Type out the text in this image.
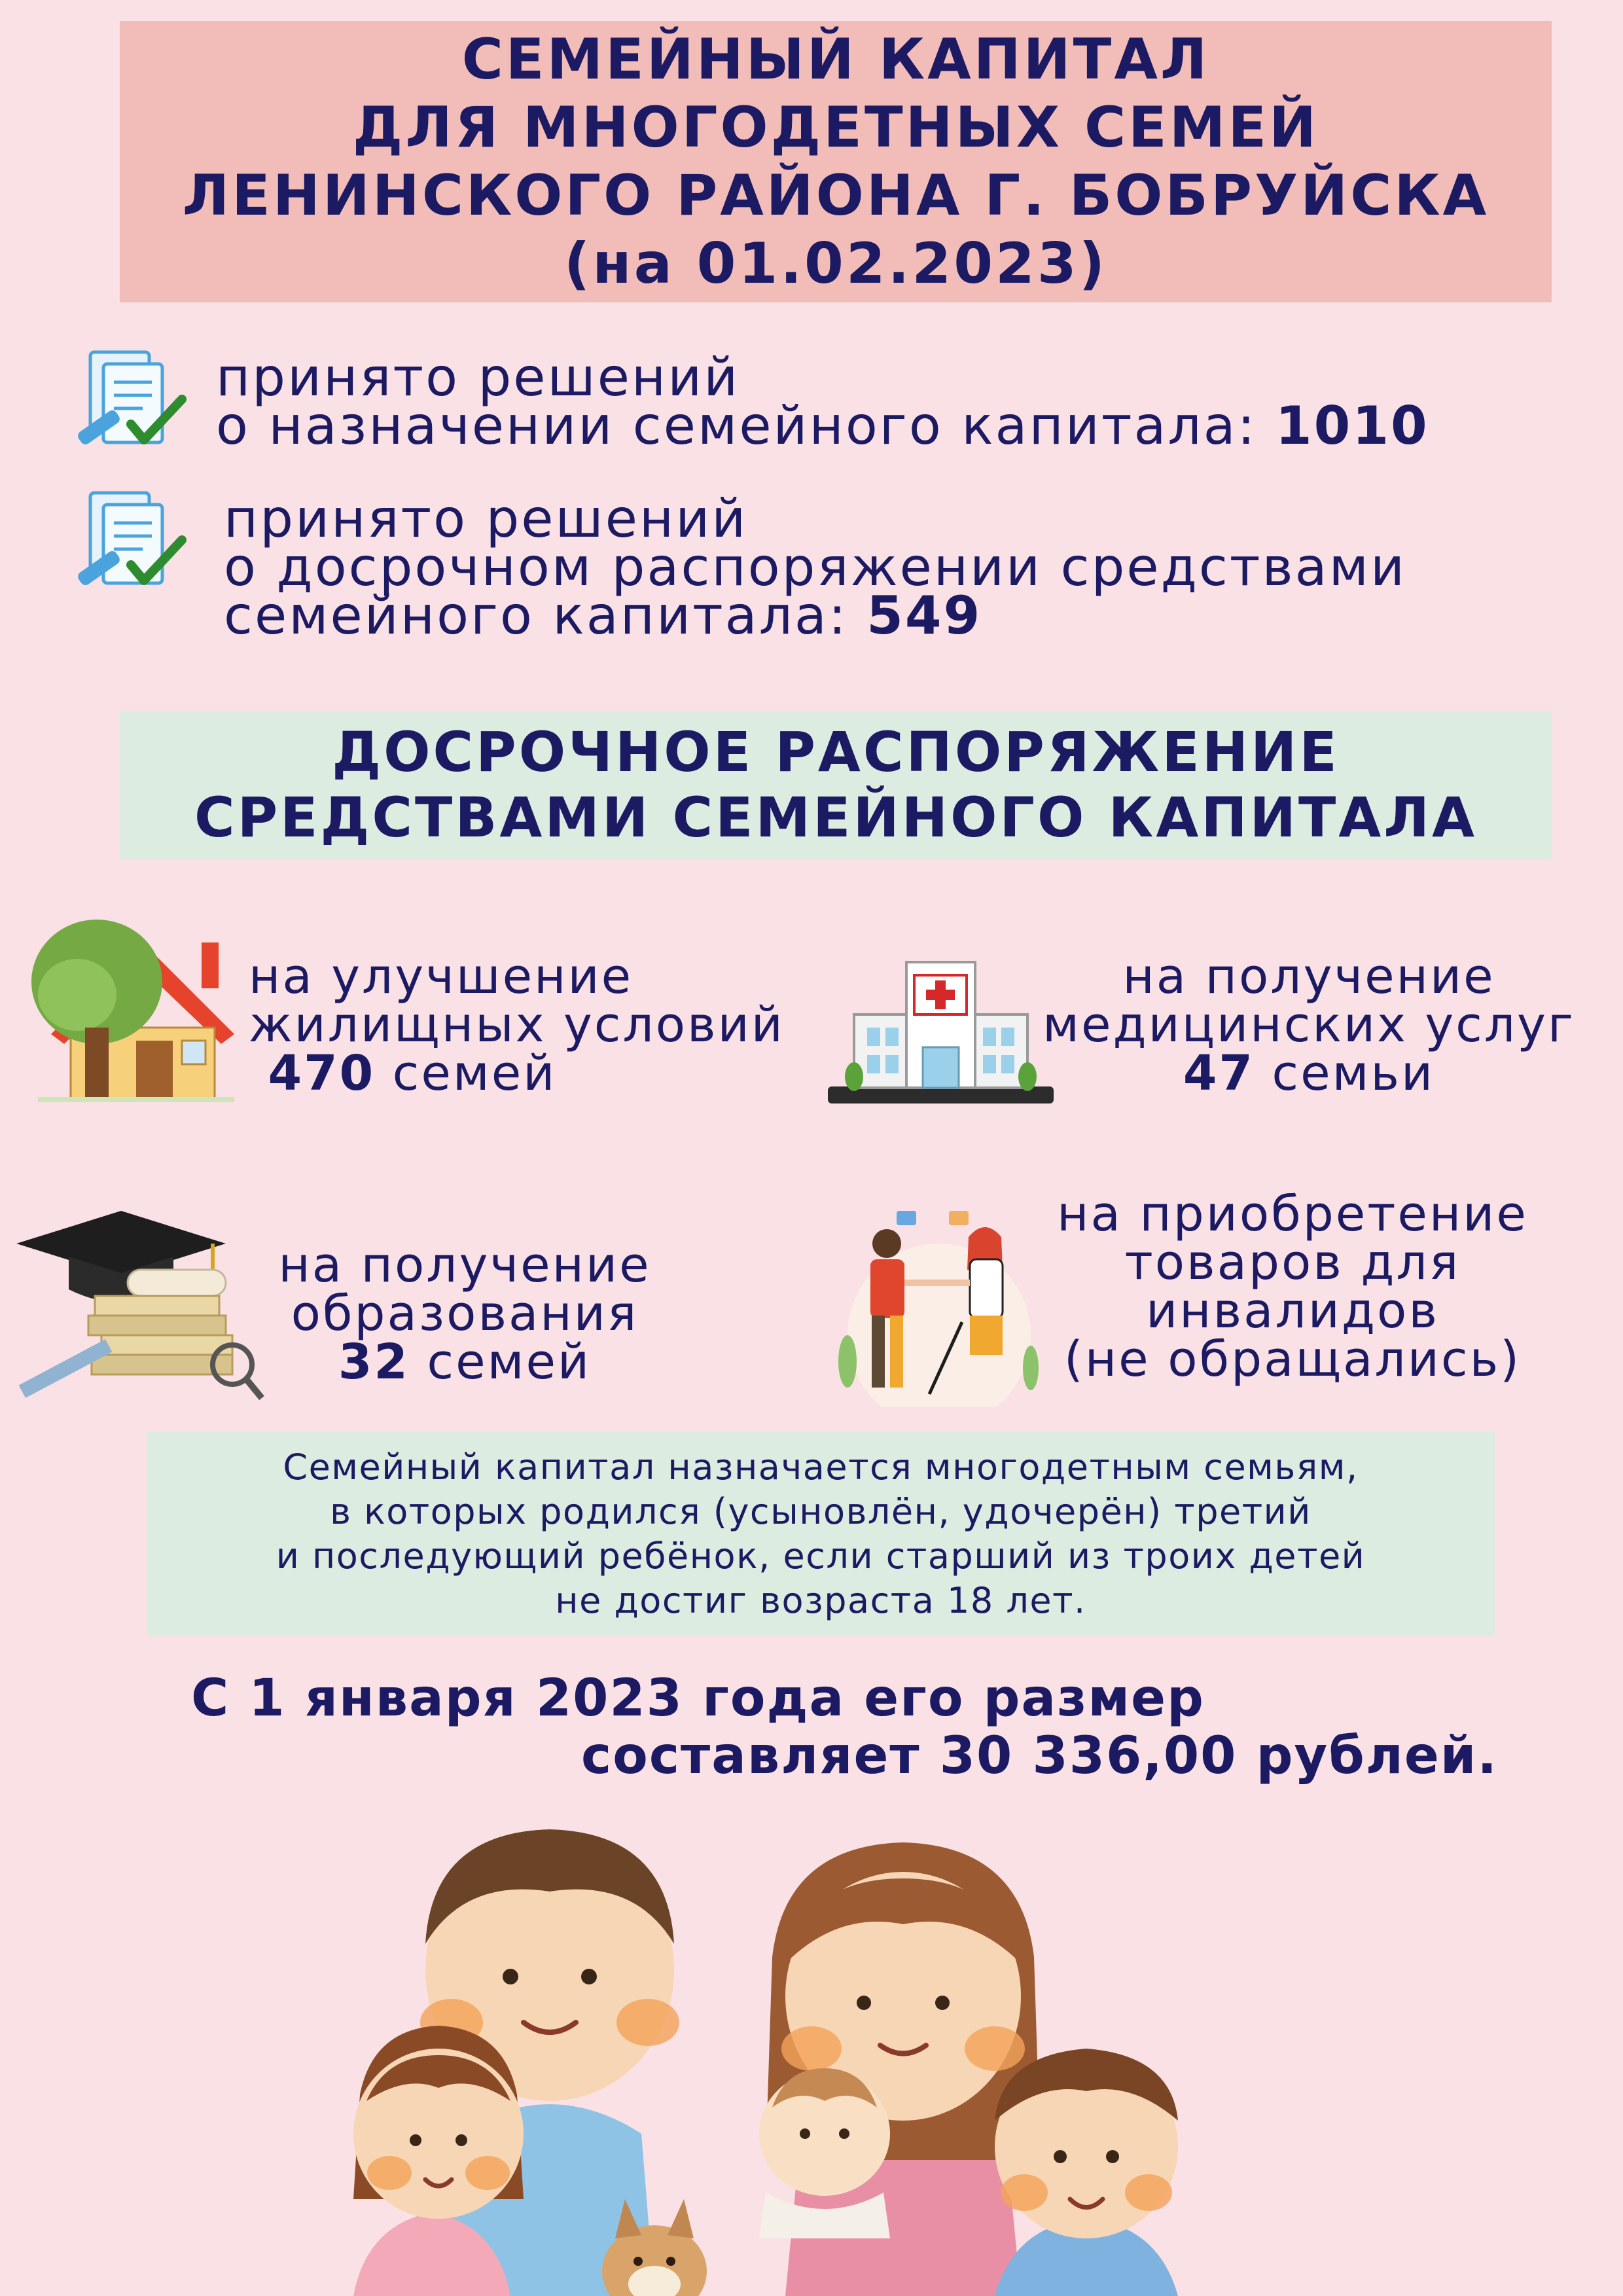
СЕМЕЙНЫЙ КАПИТАЛ
ДЛЯ МНОГОДЕТНЫХ СЕМЕЙ
ЛЕНИНСКОГО РАЙОНА Г. БОБРУЙСКА
(на 01.02.2023)
принято решений
о назначении семейного капитала: 1010
принято решений
о досрочном распоряжении средствами
семейного капитала: 549
ДОСРОЧНОЕ РАСПОРЯЖЕНИЕ
СРЕДСТВАМИ СЕМЕЙНОГО КАПИТАЛА
на улучшение
жилищных условий
470 семей
на получение
медицинских услуг
47 семьи
на получение
образования
32 семей
на приобретение
товаров для
инвалидов
(не обращались)
Семейный капитал назначается многодетным семьям,
в которых родился (усыновлён, удочерён) третий
и последующий ребёнок, если старший из троих детей
не достиг возраста 18 лет.
С 1 января 2023 года его размер
составляет 30 336,00 рублей.
